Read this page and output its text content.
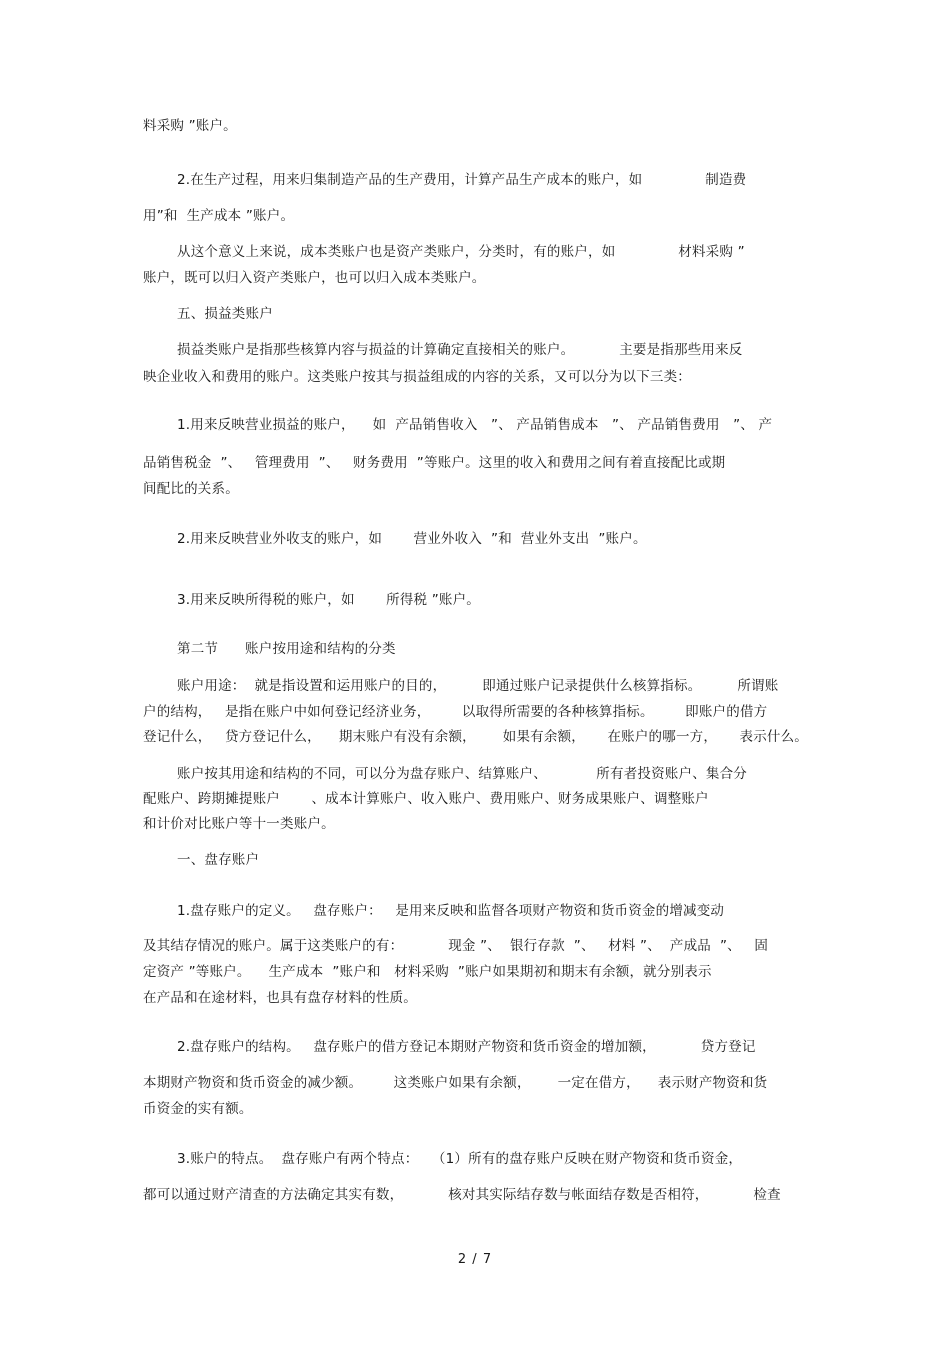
料采购 ”账户。
2.在生产过程，用来归集制造产品的生产费用，计算产品生产成本的账户，如              制造费
用”和  生产成本 ”账户。
从这个意义上来说，成本类账户也是资产类账户，分类时，有的账户，如              材料采购 ”
账户，既可以归入资产类账户，也可以归入成本类账户。
五、损益类账户
损益类账户是指那些核算内容与损益的计算确定直接相关的账户。          主要是指那些用来反
映企业收入和费用的账户。这类账户按其与损益组成的内容的关系，又可以分为以下三类：
1.用来反映营业损益的账户，    如  产品销售收入   ”、 产品销售成本   ”、 产品销售费用   ”、 产
品销售税金  ”、   管理费用  ”、   财务费用  ”等账户。这里的收入和费用之间有着直接配比或期
间配比的关系。
2.用来反映营业外收支的账户，如       营业外收入  ”和  营业外支出  ”账户。
3.用来反映所得税的账户，如       所得税 ”账户。
第二节      账户按用途和结构的分类
账户用途：  就是指设置和运用账户的目的，        即通过账户记录提供什么核算指标。        所谓账
户的结构，   是指在账户中如何登记经济业务，       以取得所需要的各种核算指标。       即账户的借方
登记什么，   贷方登记什么，    期末账户有没有余额，      如果有余额，     在账户的哪一方，     表示什么。
账户按其用途和结构的不同，可以分为盘存账户、结算账户、           所有者投资账户、集合分
配账户、跨期摊提账户       、成本计算账户、收入账户、费用账户、财务成果账户、调整账户
和计价对比账户等十一类账户。
一、盘存账户
1.盘存账户的定义。   盘存账户：   是用来反映和监督各项财产物资和货币资金的增减变动
及其结存情况的账户。属于这类账户的有：          现金 ”、  银行存款  ”、   材料 ”、  产成品  ”、   固
定资产 ”等账户。    生产成本  ”账户和   材料采购  ”账户如果期初和期末有余额，就分别表示
在产品和在途材料，也具有盘存材料的性质。
2.盘存账户的结构。   盘存账户的借方登记本期财产物资和货币资金的增加额，          贷方登记
本期财产物资和货币资金的减少额。       这类账户如果有余额，      一定在借方，    表示财产物资和货
币资金的实有额。
3.账户的特点。  盘存账户有两个特点：   （1）所有的盘存账户反映在财产物资和货币资金，
都可以通过财产清查的方法确定其实有数，          核对其实际结存数与帐面结存数是否相符，          检查
2 / 7
